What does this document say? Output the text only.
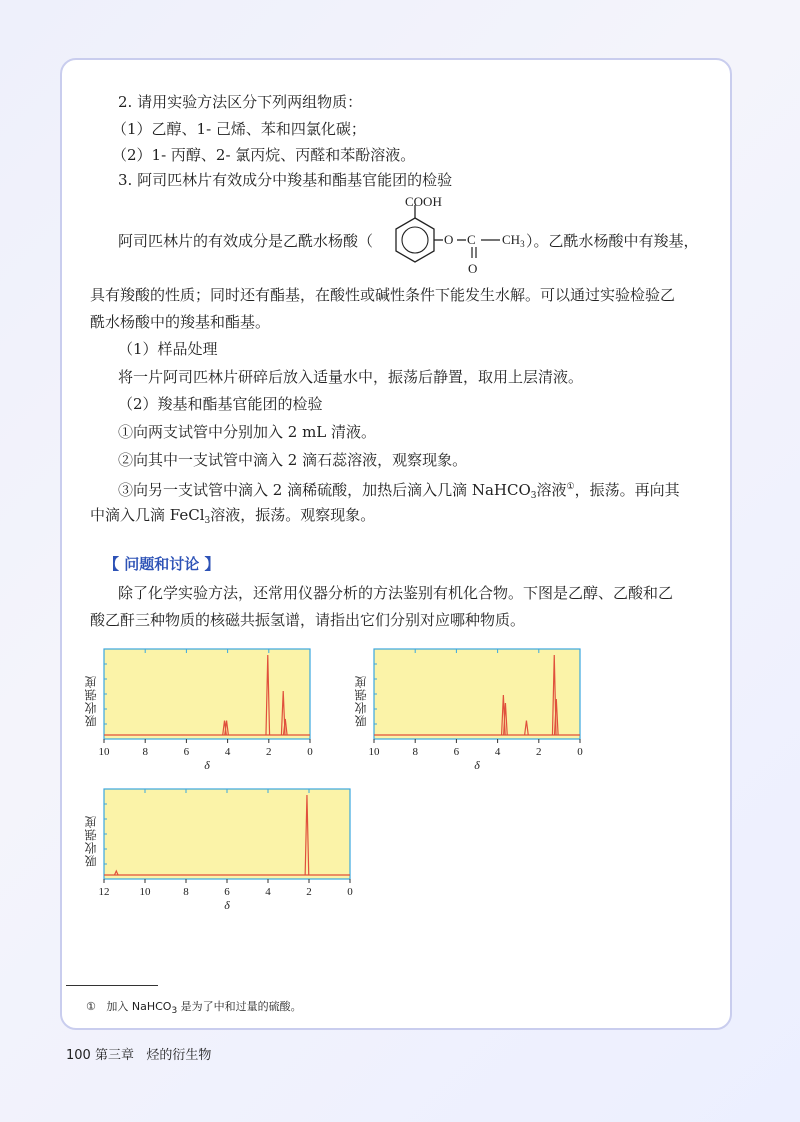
2. 请用实验方法区分下列两组物质：

（1）乙醇、1- 己烯、苯和四氯化碳；

（2）1- 丙醇、2- 氯丙烷、丙醛和苯酚溶液。

3. 阿司匹林片有效成分中羧基和酯基官能团的检验

阿司匹林片的有效成分是乙酰水杨酸（	）。乙酰水杨酸中有羧基，

COOH
O C $CH_3$
O

具有羧酸的性质；同时还有酯基，在酸性或碱性条件下能发生水解。可以通过实验检验乙

酰水杨酸中的羧基和酯基。

（1）样品处理

将一片阿司匹林片研碎后放入适量水中，振荡后静置，取用上层清液。

（2）羧基和酯基官能团的检验

①向两支试管中分别加入 2 mL 清液。

②向其中一支试管中滴入 2 滴石蕊溶液，观察现象。

③向另一支试管中滴入 2 滴稀硫酸，加热后滴入几滴 NaHCO$_3$溶液①，振荡。再向其

中滴入几滴 FeCl$_3$溶液，振荡。观察现象。

【 问题和讨论 】

除了化学实验方法，还常用仪器分析的方法鉴别有机化合物。下图是乙醇、乙酸和乙

酸乙酐三种物质的核磁共振氢谱，请指出它们分别对应哪种物质。

吸收强度
10	8	6	4	2	0
δ
吸收强度
10	8	6	4	2	0
δ
吸收强度
12	10	8	6	4	2	0
δ
① 加入 NaHCO$_3$ 是为了中和过量的硫酸。
100 第三章 烃的衍生物
